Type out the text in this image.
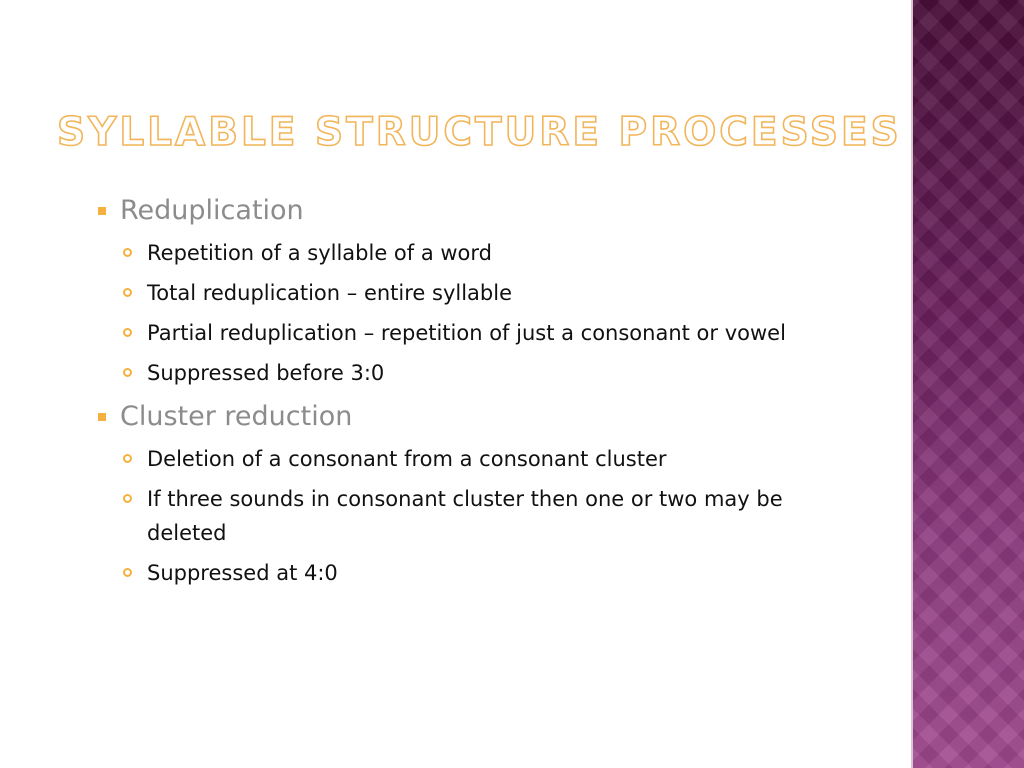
SYLLABLE STRUCTURE PROCESSES
Reduplication
Repetition of a syllable of a word
Total reduplication – entire syllable
Partial reduplication – repetition of just a consonant or vowel
Suppressed before 3:0
Cluster reduction
Deletion of a consonant from a consonant cluster
If three sounds in consonant cluster then one or two may be deleted
Suppressed at 4:0
